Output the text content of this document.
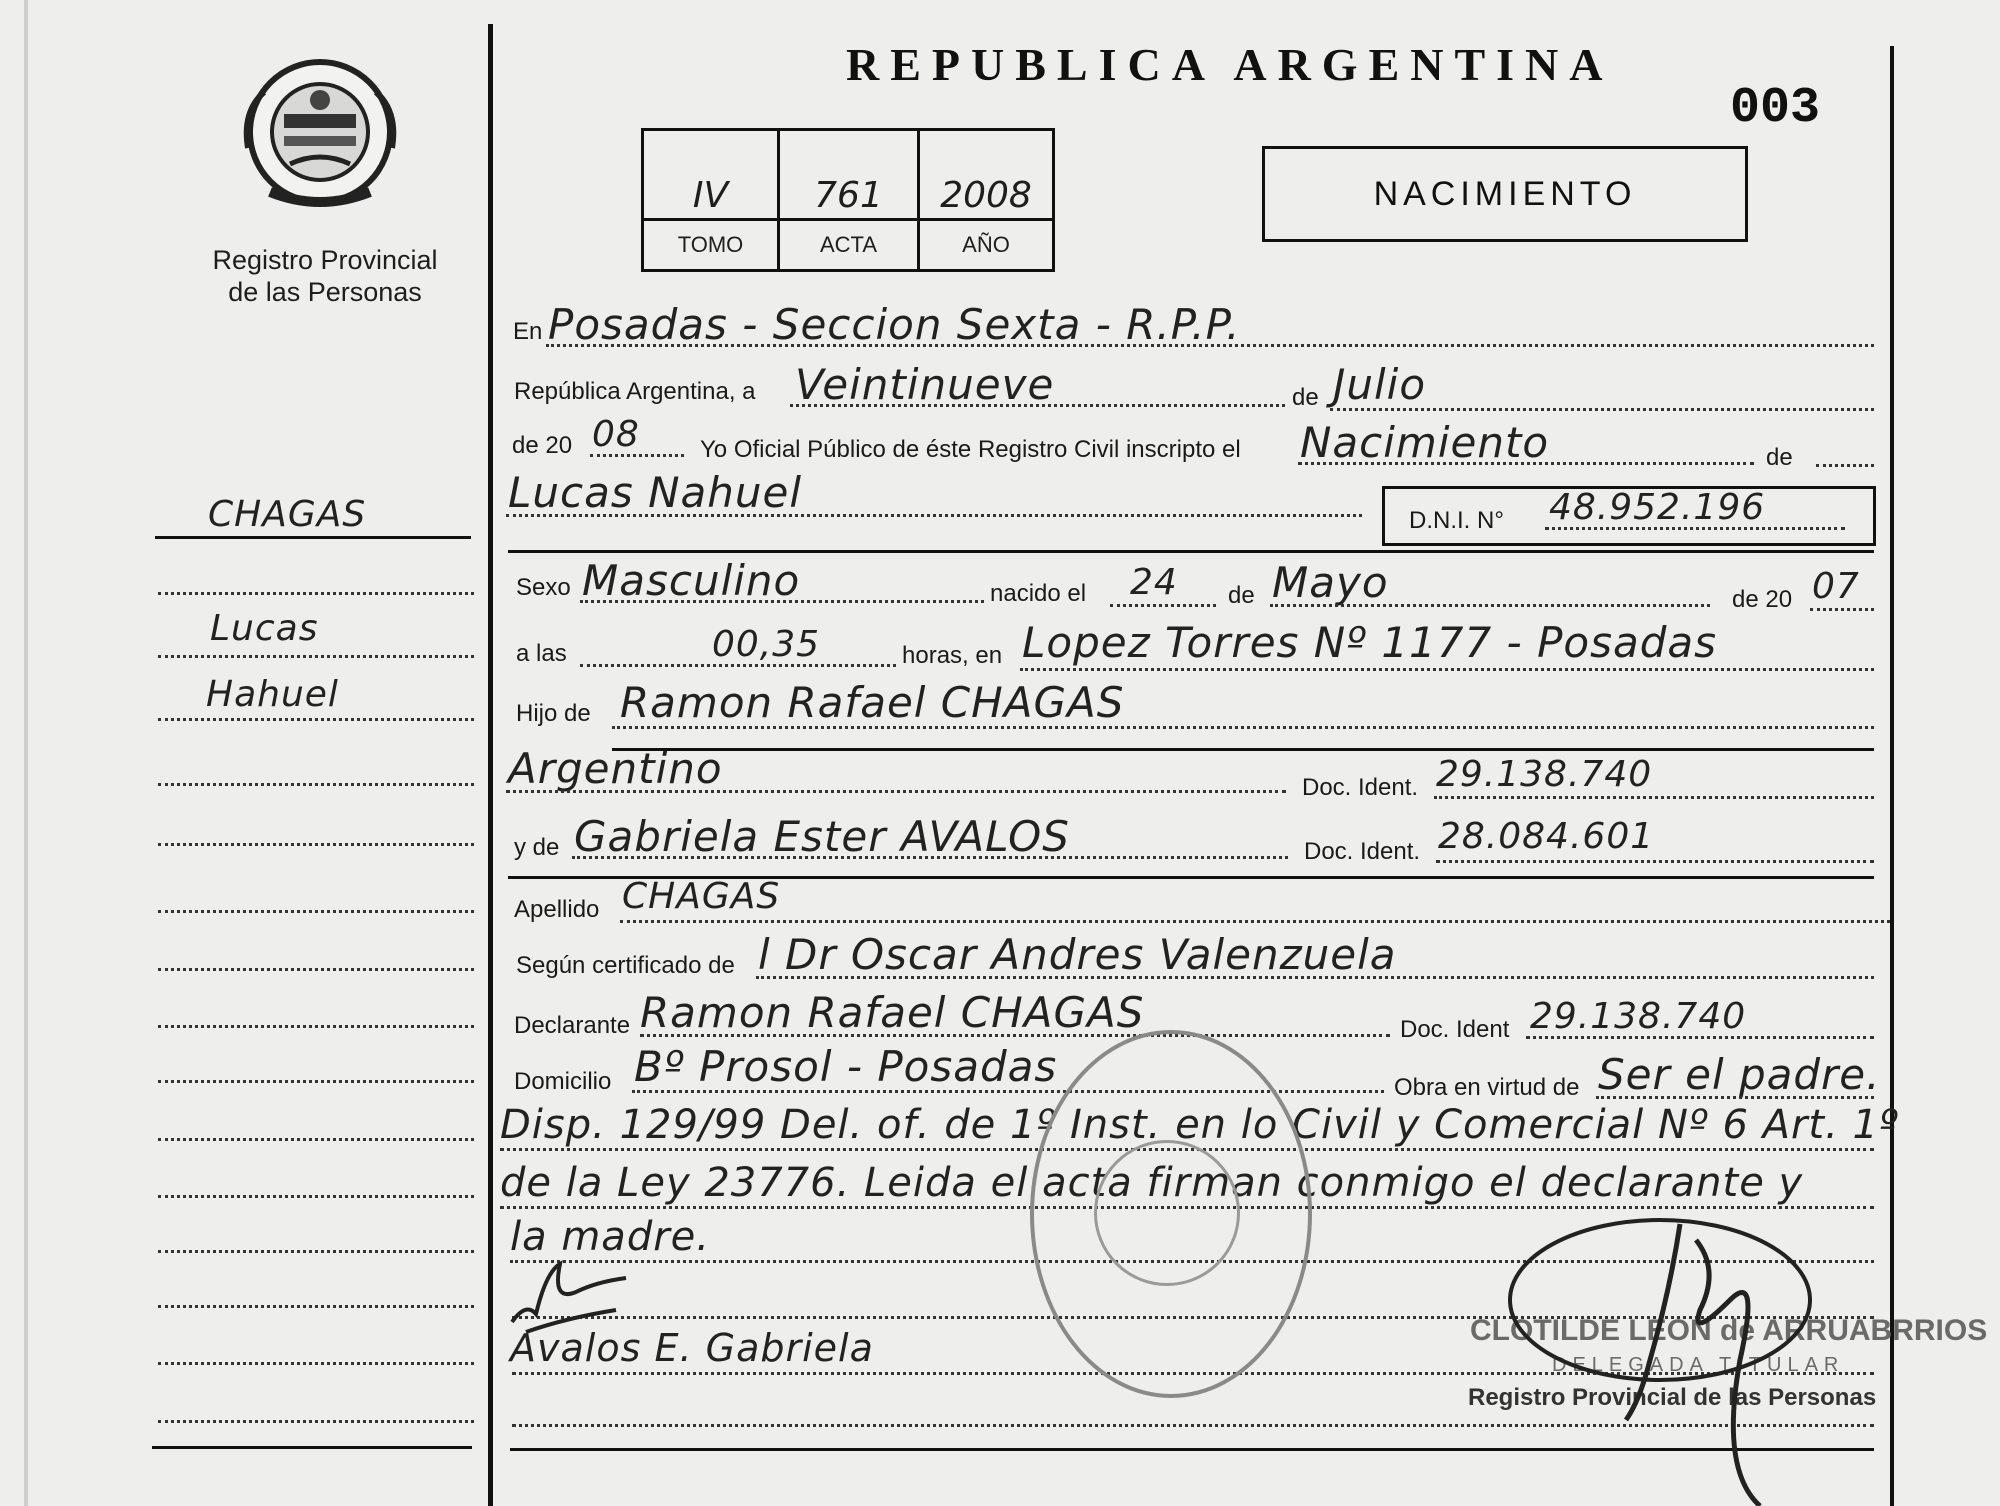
Registro Provincial
de las Personas
CHAGAS
Lucas
Hahuel
REPUBLICA ARGENTINA
003
IV	761	2008
TOMO	ACTA	AÑO
NACIMIENTO
En Posadas - Seccion Sexta - R.P.P.
República Argentina, a Veintinueve	de Julio
de 20 08	Yo Oficial Público de éste Registro Civil inscripto el Nacimiento	de
Lucas Nahuel
D.N.I. N° 48.952.196
Sexo Masculino	nacido el 24 de Mayo	de 20 07
a las	00,35	horas, en Lopez Torres Nº 1177 - Posadas
Hijo de Ramon Rafael CHAGAS
Argentino	Doc. Ident. 29.138.740
y de Gabriela Ester AVALOS	Doc. Ident. 28.084.601
Apellido CHAGAS
Según certificado de l Dr Oscar Andres Valenzuela
Declarante Ramon Rafael CHAGAS	Doc. Ident 29.138.740
Domicilio Bº Prosol - Posadas	Obra en virtud de Ser el padre.
Disp. 129/99 Del. of. de 1º Inst. en lo Civil y Comercial Nº 6 Art. 1º
de la Ley 23776. Leida el acta firman conmigo el declarante y
la madre.
Avalos E. Gabriela	CLOTILDE LEON de ARRUABRRIOS
DELEGADA TITULAR
Registro Provincial de las Personas
